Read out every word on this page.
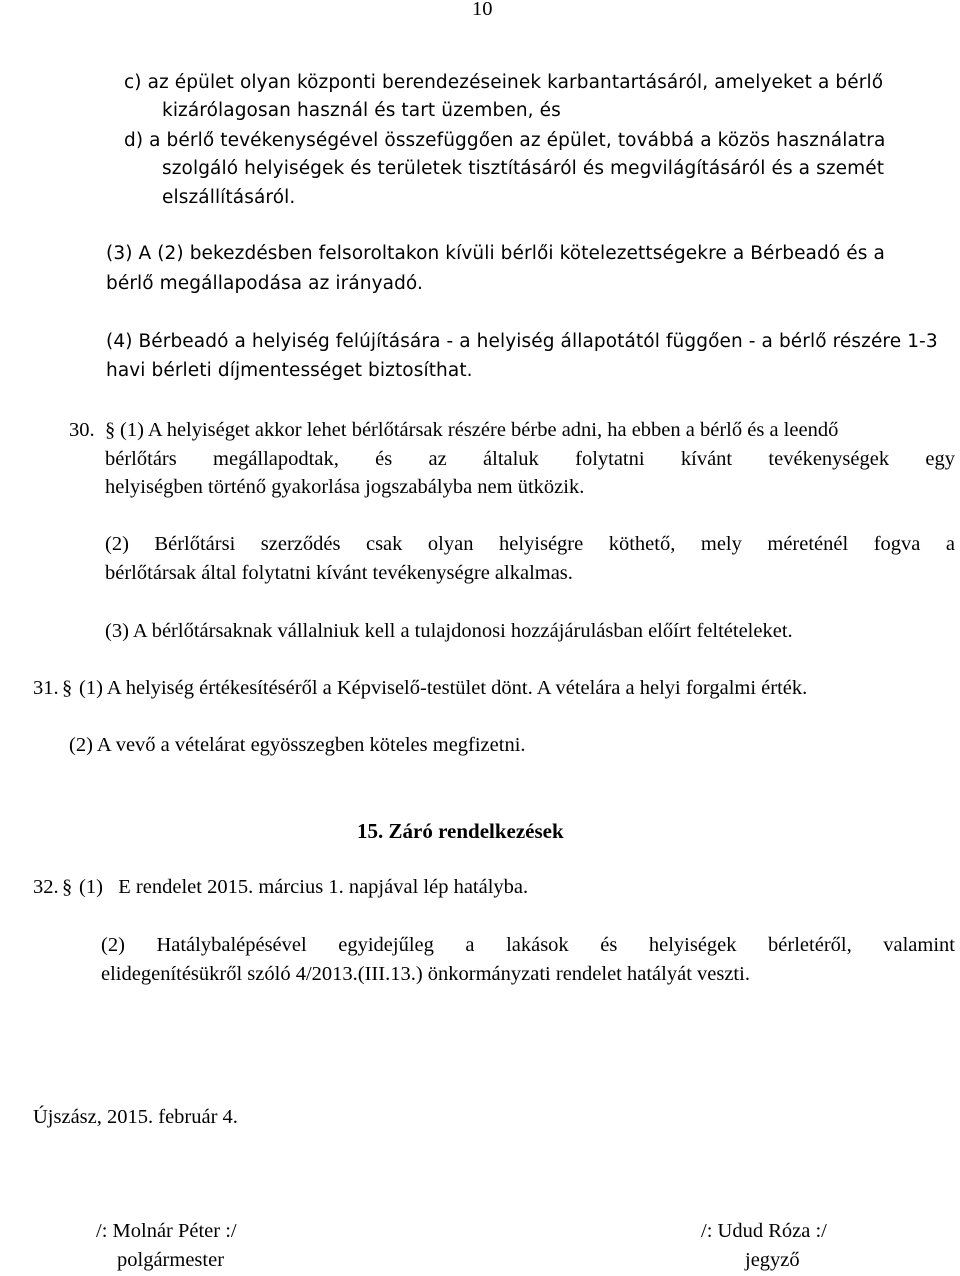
10
c) az épület olyan központi berendezéseinek karbantartásáról, amelyeket a bérlő
kizárólagosan használ és tart üzemben, és
d) a bérlő tevékenységével összefüggően az épület, továbbá a közös használatra
szolgáló helyiségek és területek tisztításáról és megvilágításáról és a szemét
elszállításáról.
(3) A (2) bekezdésben felsoroltakon kívüli bérlői kötelezettségekre a Bérbeadó és a
bérlő megállapodása az irányadó.
(4) Bérbeadó a helyiség felújítására - a helyiség állapotától függően - a bérlő részére 1-3
havi bérleti díjmentességet biztosíthat.
30. § (1) A helyiséget akkor lehet bérlőtársak részére bérbe adni, ha ebben a bérlő és a leendő
bérlőtárs megállapodtak, és az általuk folytatni kívánt tevékenységek egy
helyiségben történő gyakorlása jogszabályba nem ütközik.
(2) Bérlőtársi szerződés csak olyan helyiségre köthető, mely méreténél fogva a
bérlőtársak által folytatni kívánt tevékenységre alkalmas.
(3) A bérlőtársaknak vállalniuk kell a tulajdonosi hozzájárulásban előírt feltételeket.
31. § (1) A helyiség értékesítéséről a Képviselő-testület dönt. A vételára a helyi forgalmi érték.
(2) A vevő a vételárat egyösszegben köteles megfizetni.
15. Záró rendelkezések
32. § (1)   E rendelet 2015. március 1. napjával lép hatályba.
(2) Hatálybalépésével egyidejűleg a lakások és helyiségek bérletéről, valamint
elidegenítésükről szóló 4/2013.(III.13.) önkormányzati rendelet hatályát veszti.
Újszász, 2015. február 4.
/: Molnár Péter :/
polgármester
/: Udud Róza :/
jegyző
